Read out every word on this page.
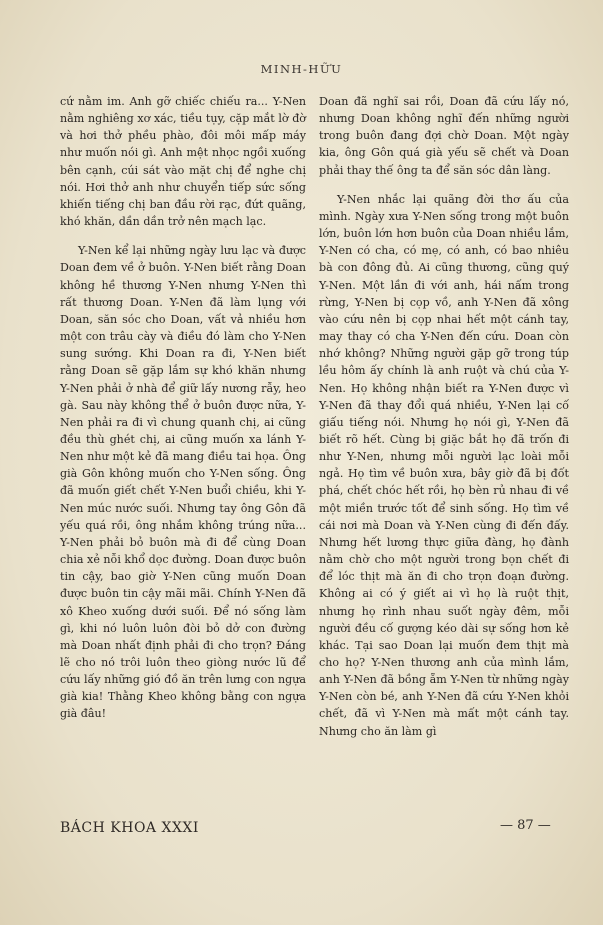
MINH-HỮU

cứ nằm im. Anh gỡ chiếc chiếu ra... Y-Nen nằm nghiêng xơ xác, tiều tụy, cặp mắt lờ đờ và hơi thở phều phào, đôi môi mấp máy như muốn nói gì. Anh mệt nhọc ngồi xuống bên cạnh, cúi sát vào mặt chị để nghe chị nói. Hơi thở anh như chuyển tiếp sức sống khiến tiếng chị ban đầu rời rạc, đứt quãng, khó khăn, dần dần trở nên mạch lạc.

Y-Nen kể lại những ngày lưu lạc và được Doan đem về ở buôn. Y-Nen biết rằng Doan không hề thương Y-Nen nhưng Y-Nen thì rất thương Doan. Y-Nen đã làm lụng với Doan, săn sóc cho Doan, vất vả nhiều hơn một con trâu cày và điều đó làm cho Y-Nen sung sướng. Khi Doan ra đi, Y-Nen biết rằng Doan sẽ gặp lắm sự khó khăn nhưng Y-Nen phải ở nhà để giữ lấy nương rẫy, heo gà. Sau này không thể ở buôn được nữa, Y-Nen phải ra đi vì chung quanh chị, ai cũng đều thù ghét chị, ai cũng muốn xa lánh Y-Nen như một kẻ đã mang điều tai họa. Ông già Gôn không muốn cho Y-Nen sống. Ông đã muốn giết chết Y-Nen buổi chiều, khi Y-Nen múc nước suối. Nhưng tay ông Gôn đã yếu quá rồi, ông nhắm không trúng nữa... Y-Nen phải bỏ buôn mà đi để cùng Doan chia xẻ nỗi khổ dọc đường. Doan được buôn tin cậy, bao giờ Y-Nen cũng muốn Doan được buôn tin cậy mãi mãi. Chính Y-Nen đã xô Kheo xuống dưới suối. Để nó sống làm gì, khi nó luôn luôn đòi bỏ dở con đường mà Doan nhất định phải đi cho trọn? Đáng lẽ cho nó trôi luôn theo giòng nước lũ để cứu lấy những gió đồ ăn trên lưng con ngựa già kia! Thằng Kheo không bằng con ngựa già đâu!

Doan đã nghĩ sai rồi, Doan đã cứu lấy nó, nhưng Doan không nghĩ đến những người trong buôn đang đợi chờ Doan. Một ngày kia, ông Gôn quá già yếu sẽ chết và Doan phải thay thế ông ta để săn sóc dân làng.

Y-Nen nhắc lại quãng đời thơ ấu của mình. Ngày xưa Y-Nen sống trong một buôn lớn, buôn lớn hơn buôn của Doan nhiều lắm, Y-Nen có cha, có mẹ, có anh, có bao nhiêu bà con đông đủ. Ai cũng thương, cũng quý Y-Nen. Một lần đi với anh, hái nấm trong rừng, Y-Nen bị cọp vồ, anh Y-Nen đã xông vào cứu nên bị cọp nhai hết một cánh tay, may thay có cha Y-Nen đến cứu. Doan còn nhớ không? Những người gặp gỡ trong túp lều hôm ấy chính là anh ruột và chú của Y-Nen. Họ không nhận biết ra Y-Nen được vì Y-Nen đã thay đổi quá nhiều, Y-Nen lại cố giấu tiếng nói. Nhưng họ nói gì, Y-Nen đã biết rõ hết. Cùng bị giặc bắt họ đã trốn đi như Y-Nen, nhưng mỗi người lạc loài mỗi ngả. Họ tìm về buôn xưa, bây giờ đã bị đốt phá, chết chóc hết rồi, họ bèn rủ nhau đi về một miền trước tốt để sinh sống. Họ tìm về cái nơi mà Doan và Y-Nen cùng đi đến đấy. Nhưng hết lương thực giữa đàng, họ đành nằm chờ cho một người trong bọn chết đi để lóc thịt mà ăn đi cho trọn đoạn đường. Không ai có ý giết ai vì họ là ruột thịt, nhưng họ rình nhau suốt ngày đêm, mỗi người đều cố gượng kéo dài sự sống hơn kẻ khác. Tại sao Doan lại muốn đem thịt mà cho họ? Y-Nen thương anh của mình lắm, anh Y-Nen đã bồng ẵm Y-Nen từ những ngày Y-Nen còn bé, anh Y-Nen đã cứu Y-Nen khỏi chết, đã vì Y-Nen mà mất một cánh tay. Nhưng cho ăn làm gì

BÁCH KHOA XXXI	— 87 —
